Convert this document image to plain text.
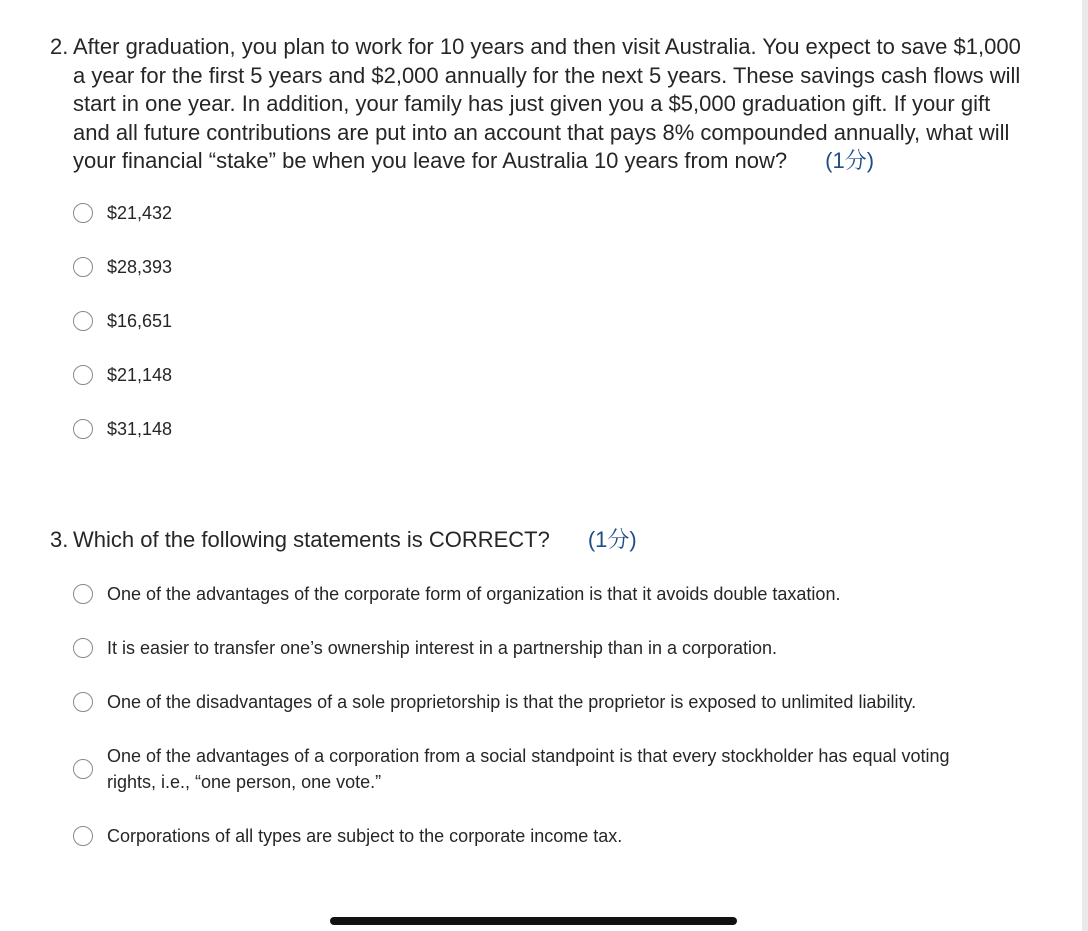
2. After graduation, you plan to work for 10 years and then visit Australia. You expect to save $1,000 a year for the first 5 years and $2,000 annually for the next 5 years. These savings cash flows will start in one year. In addition, your family has just given you a $5,000 graduation gift. If your gift and all future contributions are put into an account that pays 8% compounded annually, what will your financial “stake” be when you leave for Australia 10 years from now? (1分)

$21,432
$28,393
$16,651
$21,148
$31,148

3. Which of the following statements is CORRECT? (1分)

One of the advantages of the corporate form of organization is that it avoids double taxation.
It is easier to transfer one’s ownership interest in a partnership than in a corporation.
One of the disadvantages of a sole proprietorship is that the proprietor is exposed to unlimited liability.
One of the advantages of a corporation from a social standpoint is that every stockholder has equal voting rights, i.e., “one person, one vote.”
Corporations of all types are subject to the corporate income tax.
